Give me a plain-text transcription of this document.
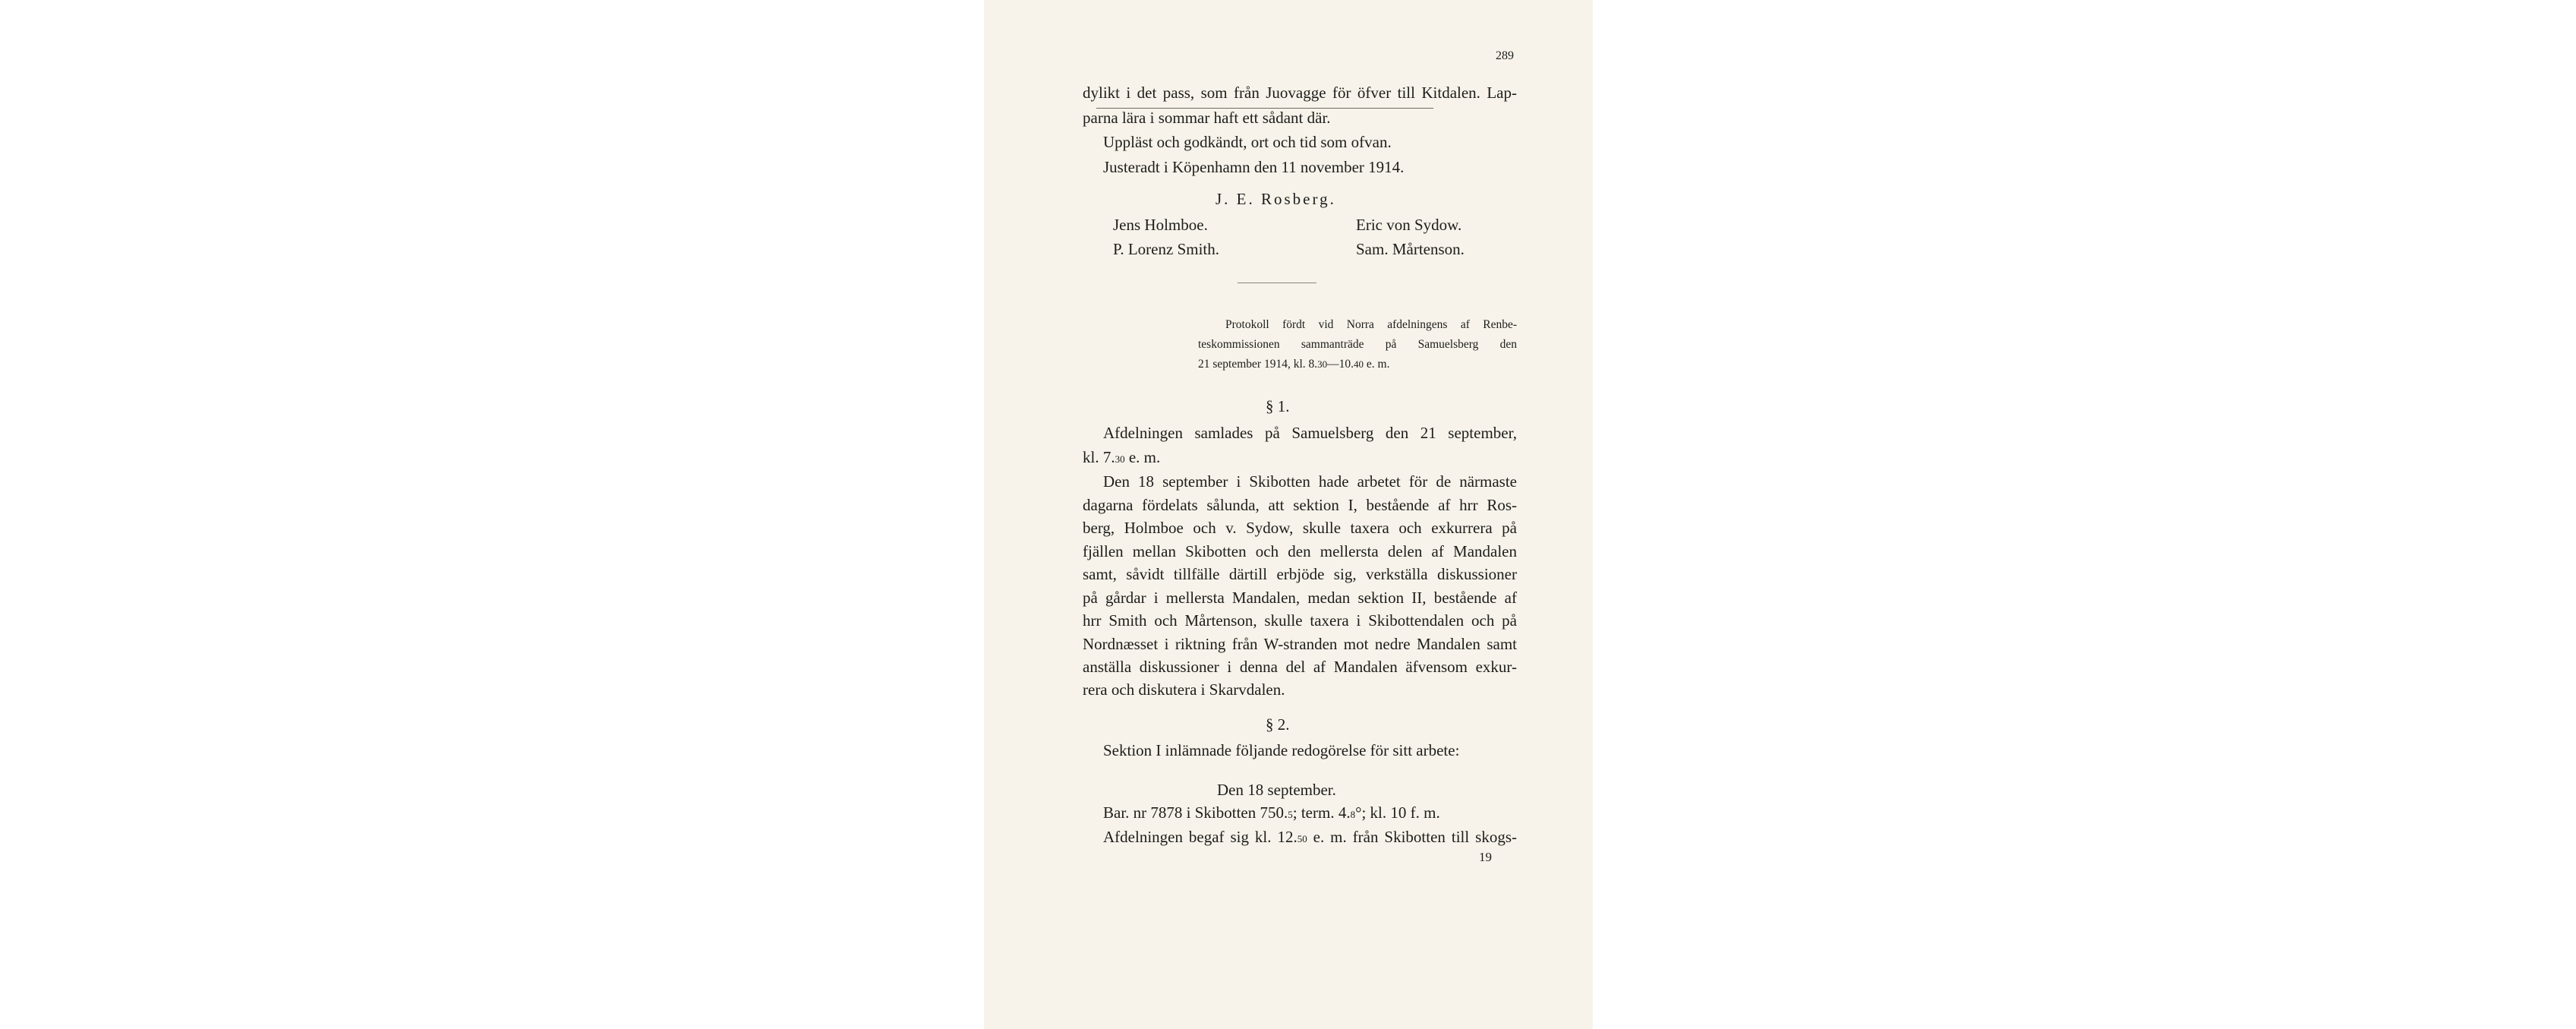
289
dylikt i det pass, som från Juovagge för öfver till Kitdalen. Lap-
parna lära i sommar haft ett sådant där.
Uppläst och godkändt, ort och tid som ofvan.
Justeradt i Köpenhamn den 11 november 1914.
J. E. Rosberg.
Jens Holmboe.	Eric von Sydow.
P. Lorenz Smith.	Sam. Mårtenson.
Protokoll fördt vid Norra afdelningens af Renbe-
teskommissionen sammanträde på Samuelsberg den
21 september 1914, kl. 8.30—10.40 e. m.
§ 1.
Afdelningen samlades på Samuelsberg den 21 september,
kl. 7.30 e. m.
Den 18 september i Skibotten hade arbetet för de närmaste
dagarna fördelats sålunda, att sektion I, bestående af hrr Ros-
berg, Holmboe och v. Sydow, skulle taxera och exkurrera på
fjällen mellan Skibotten och den mellersta delen af Mandalen
samt, såvidt tillfälle därtill erbjöde sig, verkställa diskussioner
på gårdar i mellersta Mandalen, medan sektion II, bestående af
hrr Smith och Mårtenson, skulle taxera i Skibottendalen och på
Nordnæsset i riktning från W-stranden mot nedre Mandalen samt
anställa diskussioner i denna del af Mandalen äfvensom exkur-
rera och diskutera i Skarvdalen.
§ 2.
Sektion I inlämnade följande redogörelse för sitt arbete:
Den 18 september.
Bar. nr 7878 i Skibotten 750.5; term. 4.8°; kl. 10 f. m.
Afdelningen begaf sig kl. 12.50 e. m. från Skibotten till skogs-
19
